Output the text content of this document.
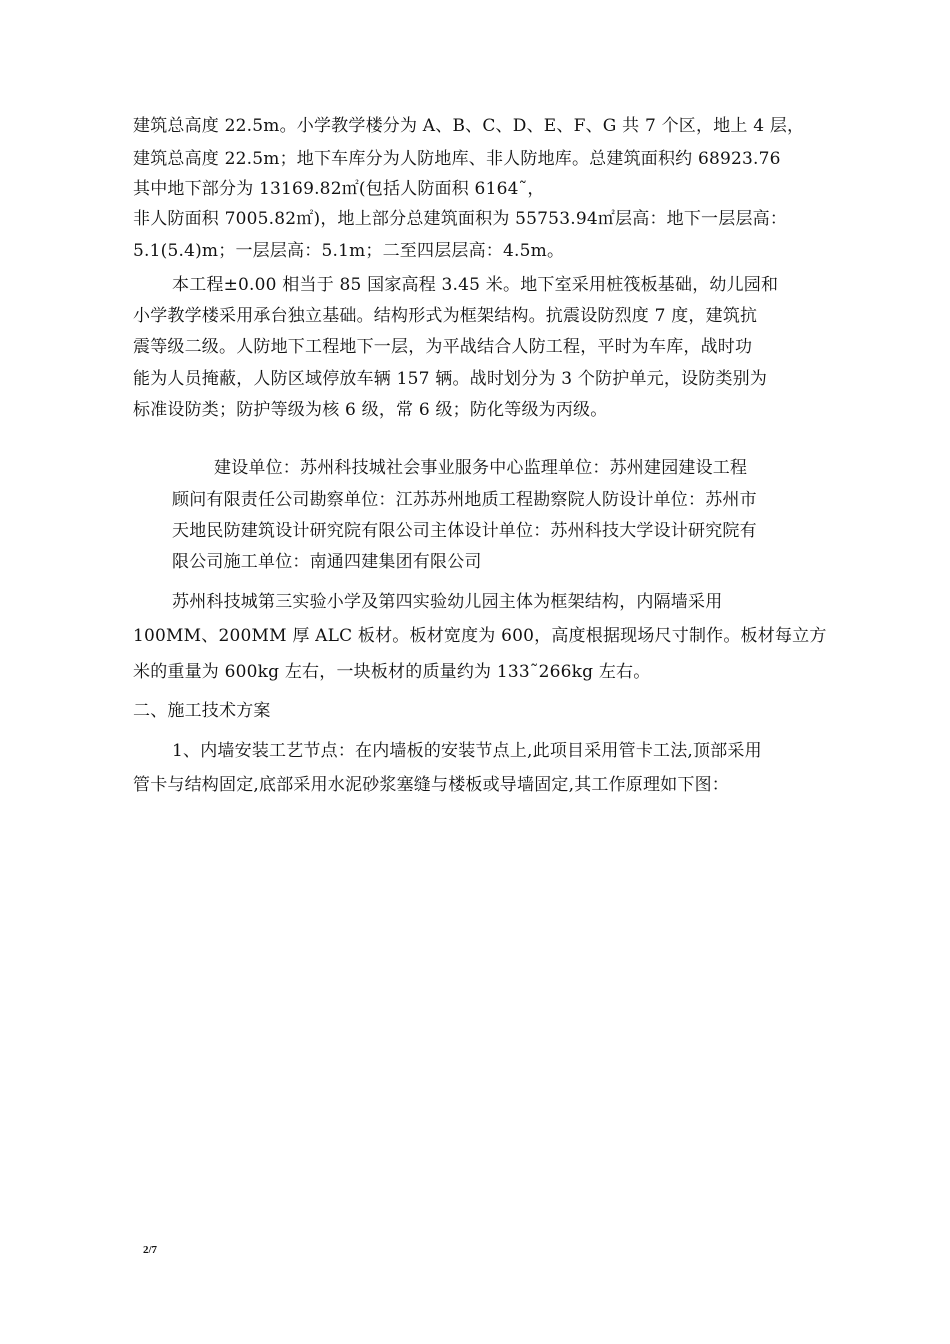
建筑总高度 22.5m。小学教学楼分为 A、B、C、D、E、F、G 共 7 个区，地上 4 层，
建筑总高度 22.5m；地下车库分为人防地库、非人防地库。总建筑面积约 68923.76
其中地下部分为 13169.82㎡(包括人防面积 6164˜，
非人防面积 7005.82㎡)，地上部分总建筑面积为 55753.94㎡层高：地下一层层高：
5.1(5.4)m；一层层高：5.1m；二至四层层高：4.5m。
本工程±0.00 相当于 85 国家高程 3.45 米。地下室采用桩筏板基础，幼儿园和
小学教学楼采用承台独立基础。结构形式为框架结构。抗震设防烈度 7 度，建筑抗
震等级二级。人防地下工程地下一层，为平战结合人防工程，平时为车库，战时功
能为人员掩蔽，人防区域停放车辆 157 辆。战时划分为 3 个防护单元，设防类别为
标准设防类；防护等级为核 6 级，常 6 级；防化等级为丙级。
建设单位：苏州科技城社会事业服务中心监理单位：苏州建园建设工程
顾问有限责任公司勘察单位：江苏苏州地质工程勘察院人防设计单位：苏州市
天地民防建筑设计研究院有限公司主体设计单位：苏州科技大学设计研究院有
限公司施工单位：南通四建集团有限公司
苏州科技城第三实验小学及第四实验幼儿园主体为框架结构，内隔墙采用
100MM、200MM 厚 ALC 板材。板材宽度为 600，高度根据现场尺寸制作。板材每立方
米的重量为 600kg 左右，一块板材的质量约为 133˜266kg 左右。
二、施工技术方案
1、内墙安装工艺节点：在内墙板的安装节点上,此项目采用管卡工法,顶部采用
管卡与结构固定,底部采用水泥砂浆塞缝与楼板或导墙固定,其工作原理如下图：
2/7
